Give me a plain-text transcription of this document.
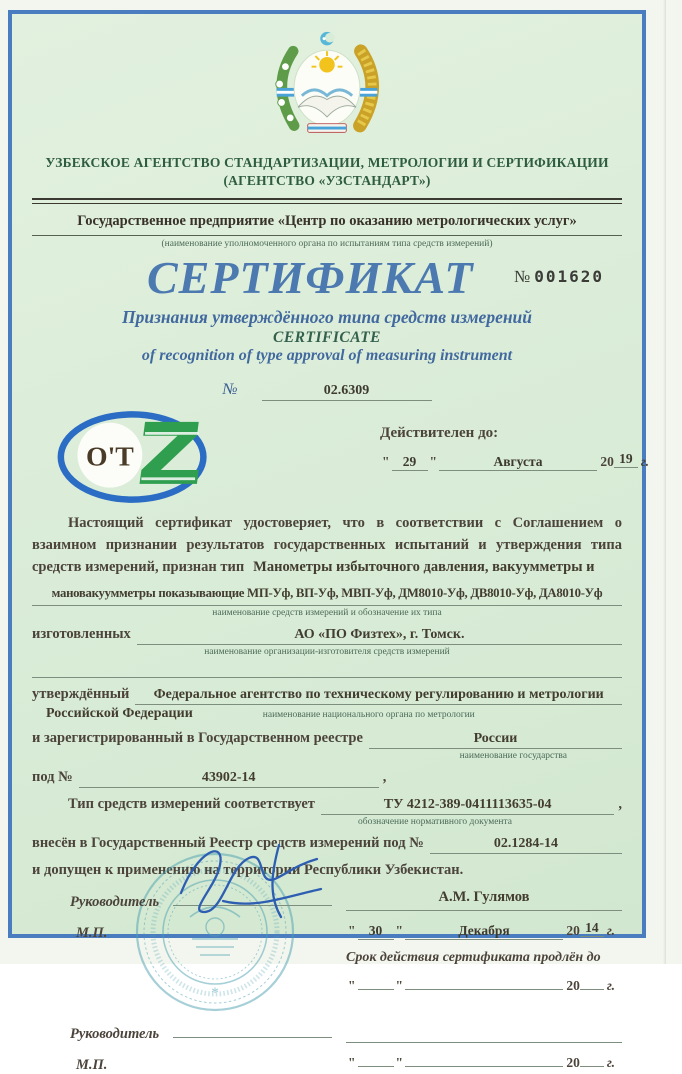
УЗБЕКСКОЕ АГЕНТСТВО СТАНДАРТИЗАЦИИ, МЕТРОЛОГИИ И СЕРТИФИКАЦИИ
(АГЕНТСТВО «УЗСТАНДАРТ»)
Государственное предприятие «Центр по оказанию метрологических услуг»
(наименование уполномоченного органа по испытаниям типа средств измерений)
СЕРТИФИКАТ № 001620
Признания утверждённого типа средств измерений
CERTIFICATE
of recognition of type approval of measuring instrument
№	02.6309
O'T
Действителен до:
" 29 "	Августа	20 19 г.

Настоящий сертификат удостоверяет, что в соответствии с Соглашением о взаимном признании результатов государственных испытаний и утверждения типа средств измерений, признан тип Манометры избыточного давления, вакуумметры и

мановакуумметры показывающие МП-Уф, ВП-Уф, МВП-Уф, ДМ8010-Уф, ДВ8010-Уф, ДА8010-Уф
наименование средств измерений и обозначение их типа
изготовленных	АО «ПО Физтех», г. Томск.
наименование организации-изготовителя средств измерений
утверждённый	Федеральное агентство по техническому регулированию и метрологии
Российской Федерации	наименование национального органа по метрологии
и зарегистрированный в Государственном реестре	России
наименование государства
под №	43902-14	,
Тип средств измерений соответствует	ТУ 4212-389-0411113635-04	,
обозначение нормативного документа
внесён в Государственный Реестр средств измерений под №	02.1284-14
и допущен к применению на территории Республики Узбекистан.
*
Руководитель	А.М. Гулямов
М.П.	" 30 "	Декабря	20 14 г.
Срок действия сертификата продлён до
"	"	20 г.
Руководитель
М.П.	"	"	20 г.
